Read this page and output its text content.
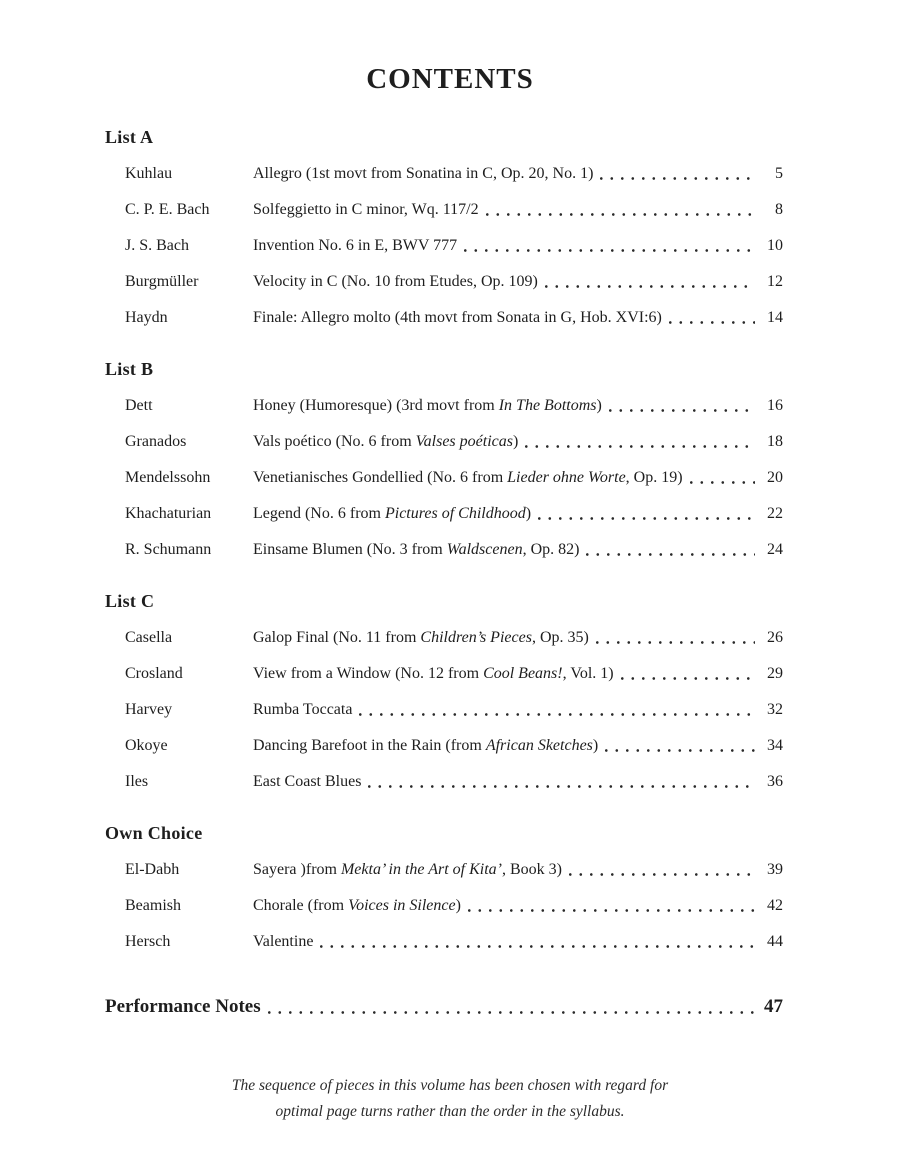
CONTENTS
List A
Kuhlau	Allegro (1st movt from Sonatina in C, Op. 20, No. 1)	5
C. P. E. Bach	Solfeggietto in C minor, Wq. 117/2	8
J. S. Bach	Invention No. 6 in E, BWV 777	10
Burgmüller	Velocity in C (No. 10 from Etudes, Op. 109)	12
Haydn	Finale: Allegro molto (4th movt from Sonata in G, Hob. XVI:6)	14
List B
Dett	Honey (Humoresque) (3rd movt from In The Bottoms)	16
Granados	Vals poético (No. 6 from Valses poéticas)	18
Mendelssohn	Venetianisches Gondellied (No. 6 from Lieder ohne Worte, Op. 19)	20
Khachaturian	Legend (No. 6 from Pictures of Childhood)	22
R. Schumann	Einsame Blumen (No. 3 from Waldscenen, Op. 82)	24
List C
Casella	Galop Final (No. 11 from Children’s Pieces, Op. 35)	26
Crosland	View from a Window (No. 12 from Cool Beans!, Vol. 1)	29
Harvey	Rumba Toccata	32
Okoye	Dancing Barefoot in the Rain (from African Sketches)	34
Iles	East Coast Blues	36
Own Choice
El-Dabh	Sayera )from Mekta’ in the Art of Kita’, Book 3)	39
Beamish	Chorale (from Voices in Silence)	42
Hersch	Valentine	44
Performance Notes	47
The sequence of pieces in this volume has been chosen with regard for
optimal page turns rather than the order in the syllabus.
